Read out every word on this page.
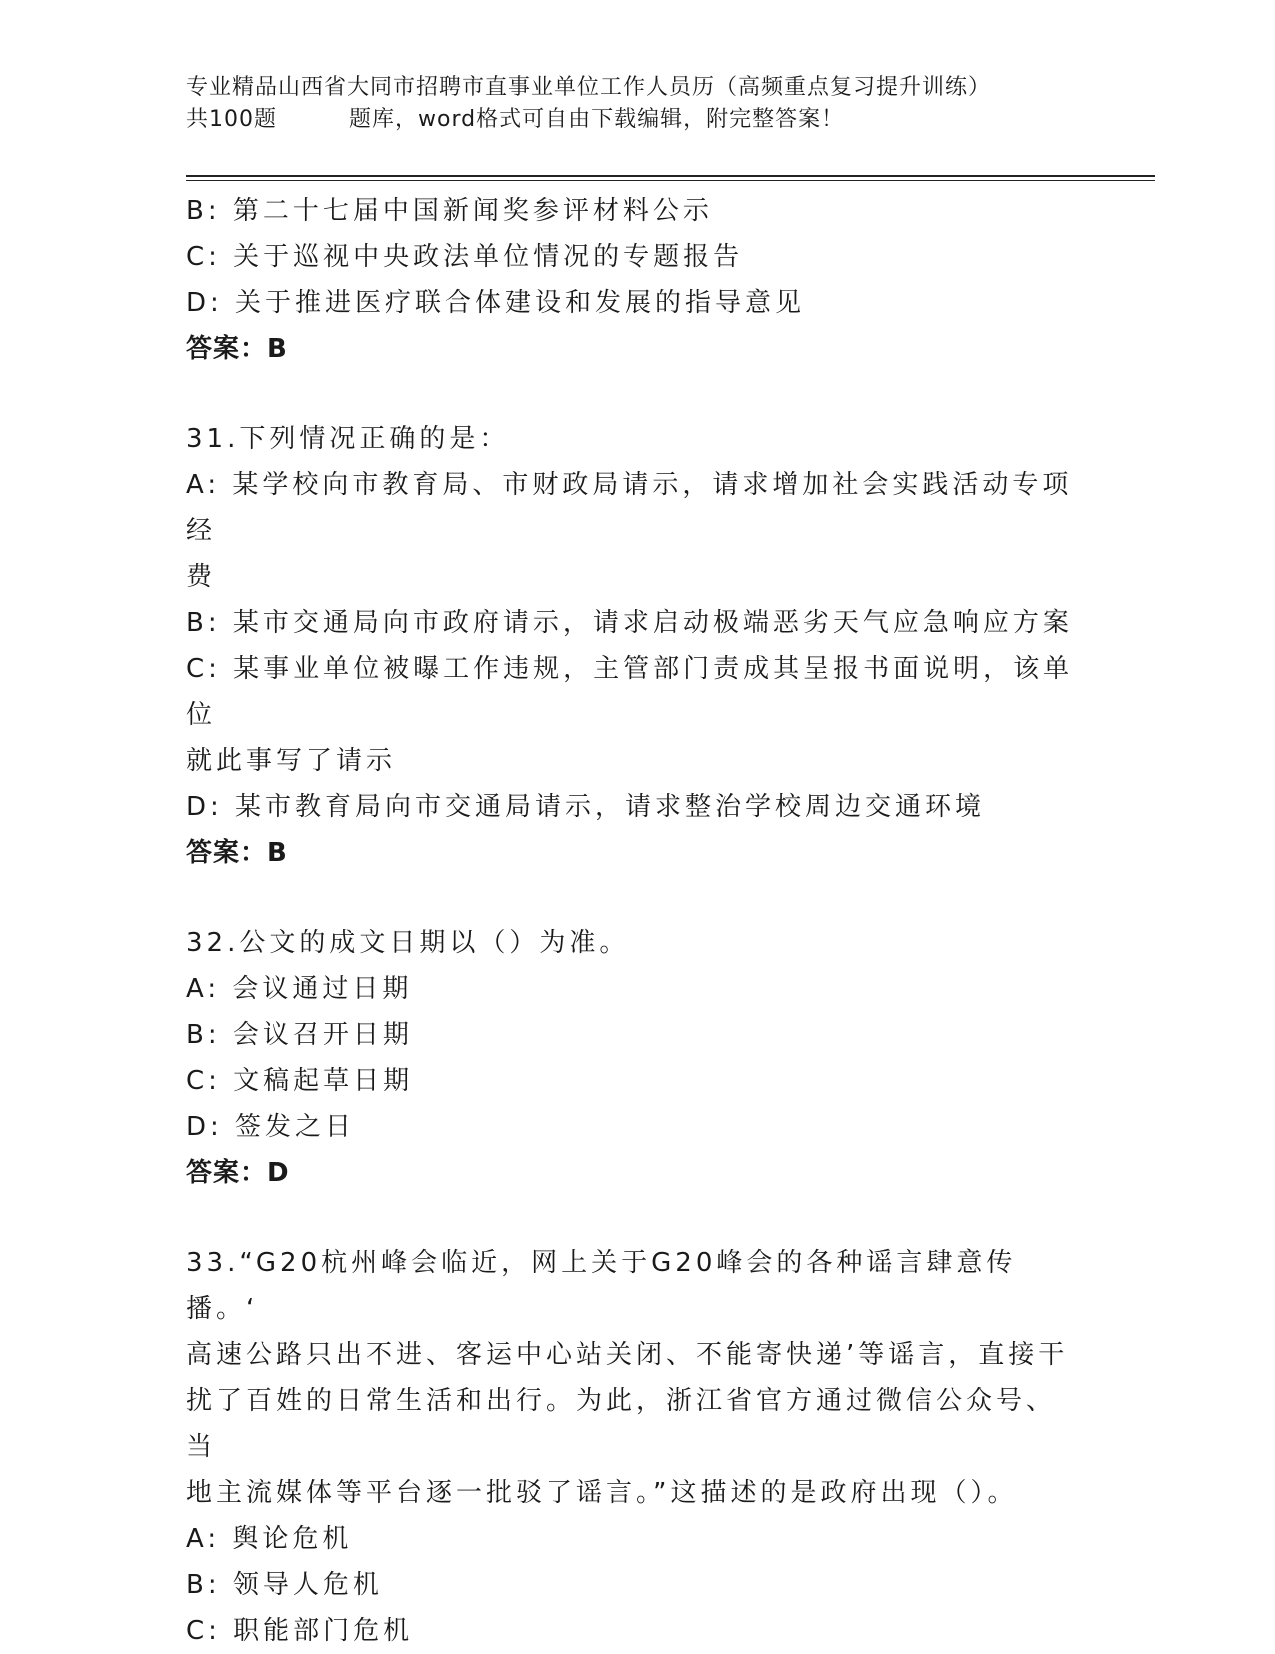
专业精品山西省大同市招聘市直事业单位工作人员历（高频重点复习提升训练）
共100题	题库，word格式可自由下载编辑，附完整答案！

B: 第二十七届中国新闻奖参评材料公示

C: 关于巡视中央政法单位情况的专题报告

D: 关于推进医疗联合体建设和发展的指导意见

答案：B

31.下列情况正确的是：

A: 某学校向市教育局、市财政局请示，请求增加社会实践活动专项经

费

B: 某市交通局向市政府请示，请求启动极端恶劣天气应急响应方案

C: 某事业单位被曝工作违规，主管部门责成其呈报书面说明，该单位

就此事写了请示

D: 某市教育局向市交通局请示，请求整治学校周边交通环境

答案：B

32.公文的成文日期以（）为准。

A: 会议通过日期

B: 会议召开日期

C: 文稿起草日期

D: 签发之日

答案：D

33.“G20杭州峰会临近，网上关于G20峰会的各种谣言肆意传播。‘

高速公路只出不进、客运中心站关闭、不能寄快递’等谣言，直接干

扰了百姓的日常生活和出行。为此，浙江省官方通过微信公众号、当

地主流媒体等平台逐一批驳了谣言。”这描述的是政府出现（）。

A: 舆论危机

B: 领导人危机

C: 职能部门危机
